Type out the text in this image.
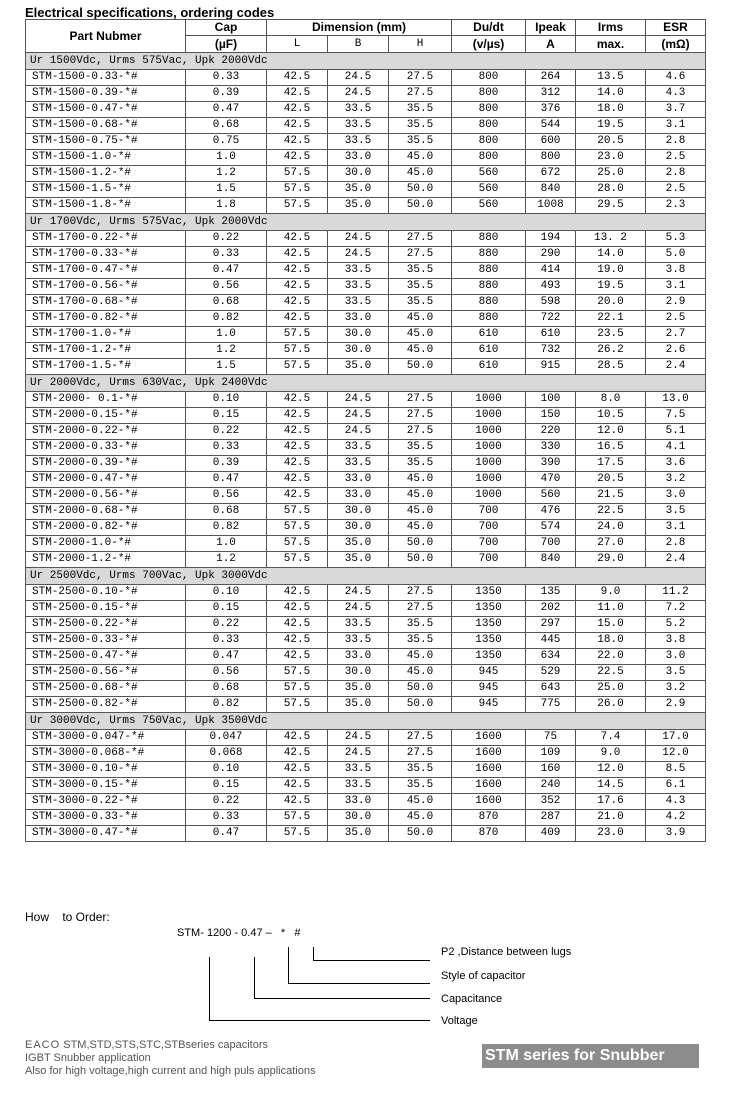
Electrical specifications, ordering codes
Part Nubmer	Cap	Dimension (mm)			Du/dt	Ipeak	Irms	ESR
	(µF)	L	B	H	(v/µs)	A	max.	(mΩ)
Ur 1500Vdc, Urms 575Vac, Upk 2000Vdc								
STM-1500-0.33-*#	0.33	42.5	24.5	27.5	800	264	13.5	4.6
STM-1500-0.39-*#	0.39	42.5	24.5	27.5	800	312	14.0	4.3
STM-1500-0.47-*#	0.47	42.5	33.5	35.5	800	376	18.0	3.7
STM-1500-0.68-*#	0.68	42.5	33.5	35.5	800	544	19.5	3.1
STM-1500-0.75-*#	0.75	42.5	33.5	35.5	800	600	20.5	2.8
STM-1500-1.0-*#	1.0	42.5	33.0	45.0	800	800	23.0	2.5
STM-1500-1.2-*#	1.2	57.5	30.0	45.0	560	672	25.0	2.8
STM-1500-1.5-*#	1.5	57.5	35.0	50.0	560	840	28.0	2.5
STM-1500-1.8-*#	1.8	57.5	35.0	50.0	560	1008	29.5	2.3
Ur 1700Vdc, Urms 575Vac, Upk 2000Vdc								
STM-1700-0.22-*#	0.22	42.5	24.5	27.5	880	194	13. 2	5.3
STM-1700-0.33-*#	0.33	42.5	24.5	27.5	880	290	14.0	5.0
STM-1700-0.47-*#	0.47	42.5	33.5	35.5	880	414	19.0	3.8
STM-1700-0.56-*#	0.56	42.5	33.5	35.5	880	493	19.5	3.1
STM-1700-0.68-*#	0.68	42.5	33.5	35.5	880	598	20.0	2.9
STM-1700-0.82-*#	0.82	42.5	33.0	45.0	880	722	22.1	2.5
STM-1700-1.0-*#	1.0	57.5	30.0	45.0	610	610	23.5	2.7
STM-1700-1.2-*#	1.2	57.5	30.0	45.0	610	732	26.2	2.6
STM-1700-1.5-*#	1.5	57.5	35.0	50.0	610	915	28.5	2.4
Ur 2000Vdc, Urms 630Vac, Upk 2400Vdc								
STM-2000- 0.1-*#	0.10	42.5	24.5	27.5	1000	100	8.0	13.0
STM-2000-0.15-*#	0.15	42.5	24.5	27.5	1000	150	10.5	7.5
STM-2000-0.22-*#	0.22	42.5	24.5	27.5	1000	220	12.0	5.1
STM-2000-0.33-*#	0.33	42.5	33.5	35.5	1000	330	16.5	4.1
STM-2000-0.39-*#	0.39	42.5	33.5	35.5	1000	390	17.5	3.6
STM-2000-0.47-*#	0.47	42.5	33.0	45.0	1000	470	20.5	3.2
STM-2000-0.56-*#	0.56	42.5	33.0	45.0	1000	560	21.5	3.0
STM-2000-0.68-*#	0.68	57.5	30.0	45.0	700	476	22.5	3.5
STM-2000-0.82-*#	0.82	57.5	30.0	45.0	700	574	24.0	3.1
STM-2000-1.0-*#	1.0	57.5	35.0	50.0	700	700	27.0	2.8
STM-2000-1.2-*#	1.2	57.5	35.0	50.0	700	840	29.0	2.4
Ur 2500Vdc, Urms 700Vac, Upk 3000Vdc								
STM-2500-0.10-*#	0.10	42.5	24.5	27.5	1350	135	9.0	11.2
STM-2500-0.15-*#	0.15	42.5	24.5	27.5	1350	202	11.0	7.2
STM-2500-0.22-*#	0.22	42.5	33.5	35.5	1350	297	15.0	5.2
STM-2500-0.33-*#	0.33	42.5	33.5	35.5	1350	445	18.0	3.8
STM-2500-0.47-*#	0.47	42.5	33.0	45.0	1350	634	22.0	3.0
STM-2500-0.56-*#	0.56	57.5	30.0	45.0	945	529	22.5	3.5
STM-2500-0.68-*#	0.68	57.5	35.0	50.0	945	643	25.0	3.2
STM-2500-0.82-*#	0.82	57.5	35.0	50.0	945	775	26.0	2.9
Ur 3000Vdc, Urms 750Vac, Upk 3500Vdc								
STM-3000-0.047-*#	0.047	42.5	24.5	27.5	1600	75	7.4	17.0
STM-3000-0.068-*#	0.068	42.5	24.5	27.5	1600	109	9.0	12.0
STM-3000-0.10-*#	0.10	42.5	33.5	35.5	1600	160	12.0	8.5
STM-3000-0.15-*#	0.15	42.5	33.5	35.5	1600	240	14.5	6.1
STM-3000-0.22-*#	0.22	42.5	33.0	45.0	1600	352	17.6	4.3
STM-3000-0.33-*#	0.33	57.5	30.0	45.0	870	287	21.0	4.2
STM-3000-0.47-*#	0.47	57.5	35.0	50.0	870	409	23.0	3.9
How    to Order:
STM- 1200 - 0.47 –   *   #
P2 ,Distance between lugs
Style of capacitor
Capacitance
Voltage
EACO STM,STD,STS,STC,STBseries capacitors
IGBT Snubber application
Also for high voltage,high current and high puls applications
STM series for Snubber
